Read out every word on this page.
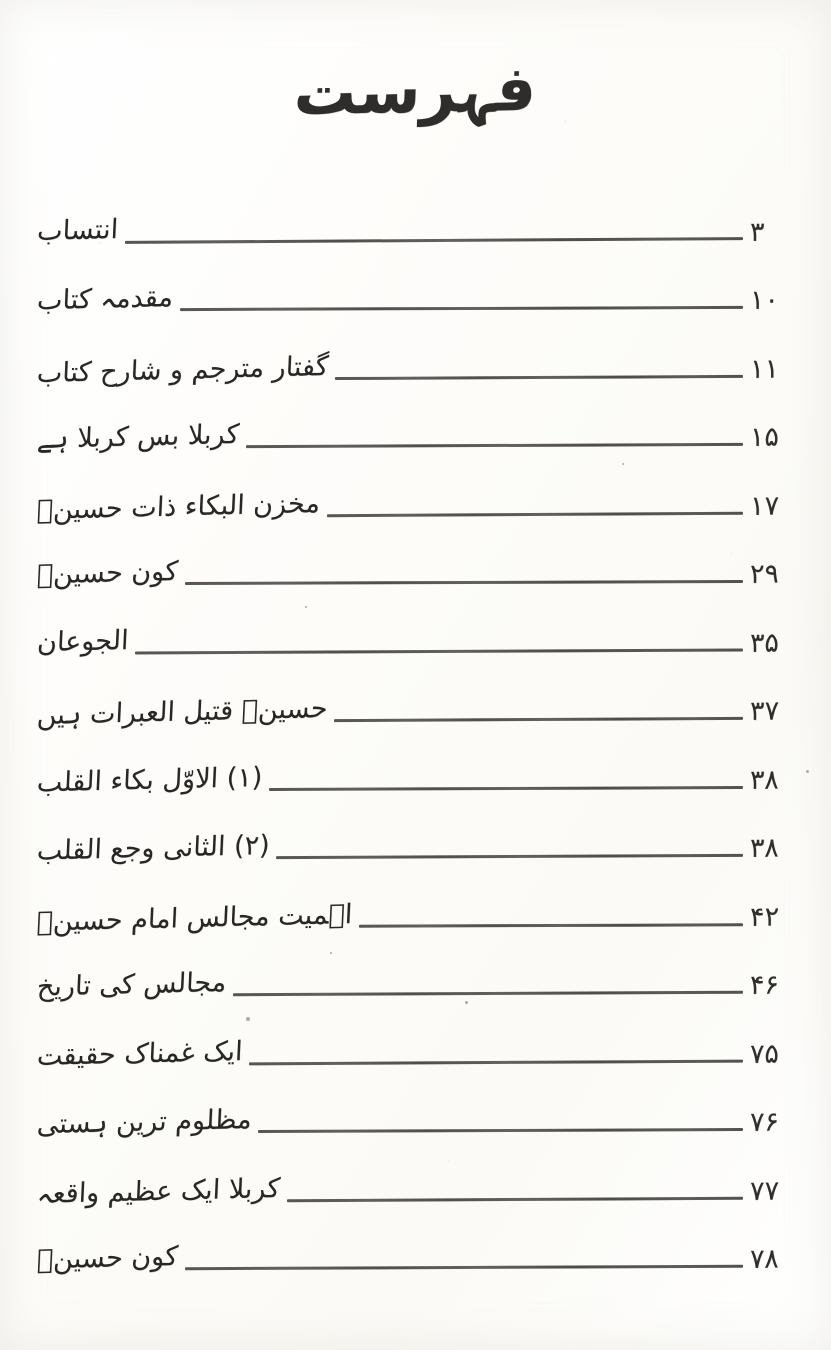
فہرست
انتساب	٣
مقدمہ کتاب	١٠
گفتار مترجم و شارح کتاب	١١
کربلا بس کربلا ہے	١۵
مخزن البکاء ذات حسینؑ	١٧
کون حسینؑ	٢٩
الجوعان	٣۵
حسینؑ قتیل العبرات ہیں	٣٧
(١) الاوّل بکاء القلب	٣٨
(٢) الثانی وجع القلب	٣٨
اہمیت مجالس امام حسینؑ	۴٢
مجالس کی تاریخ	۴۶
ایک غمناک حقیقت	٧۵
مظلوم ترین ہستی	٧۶
کربلا ایک عظیم واقعہ	٧٧
کون حسینؑ	٧٨
